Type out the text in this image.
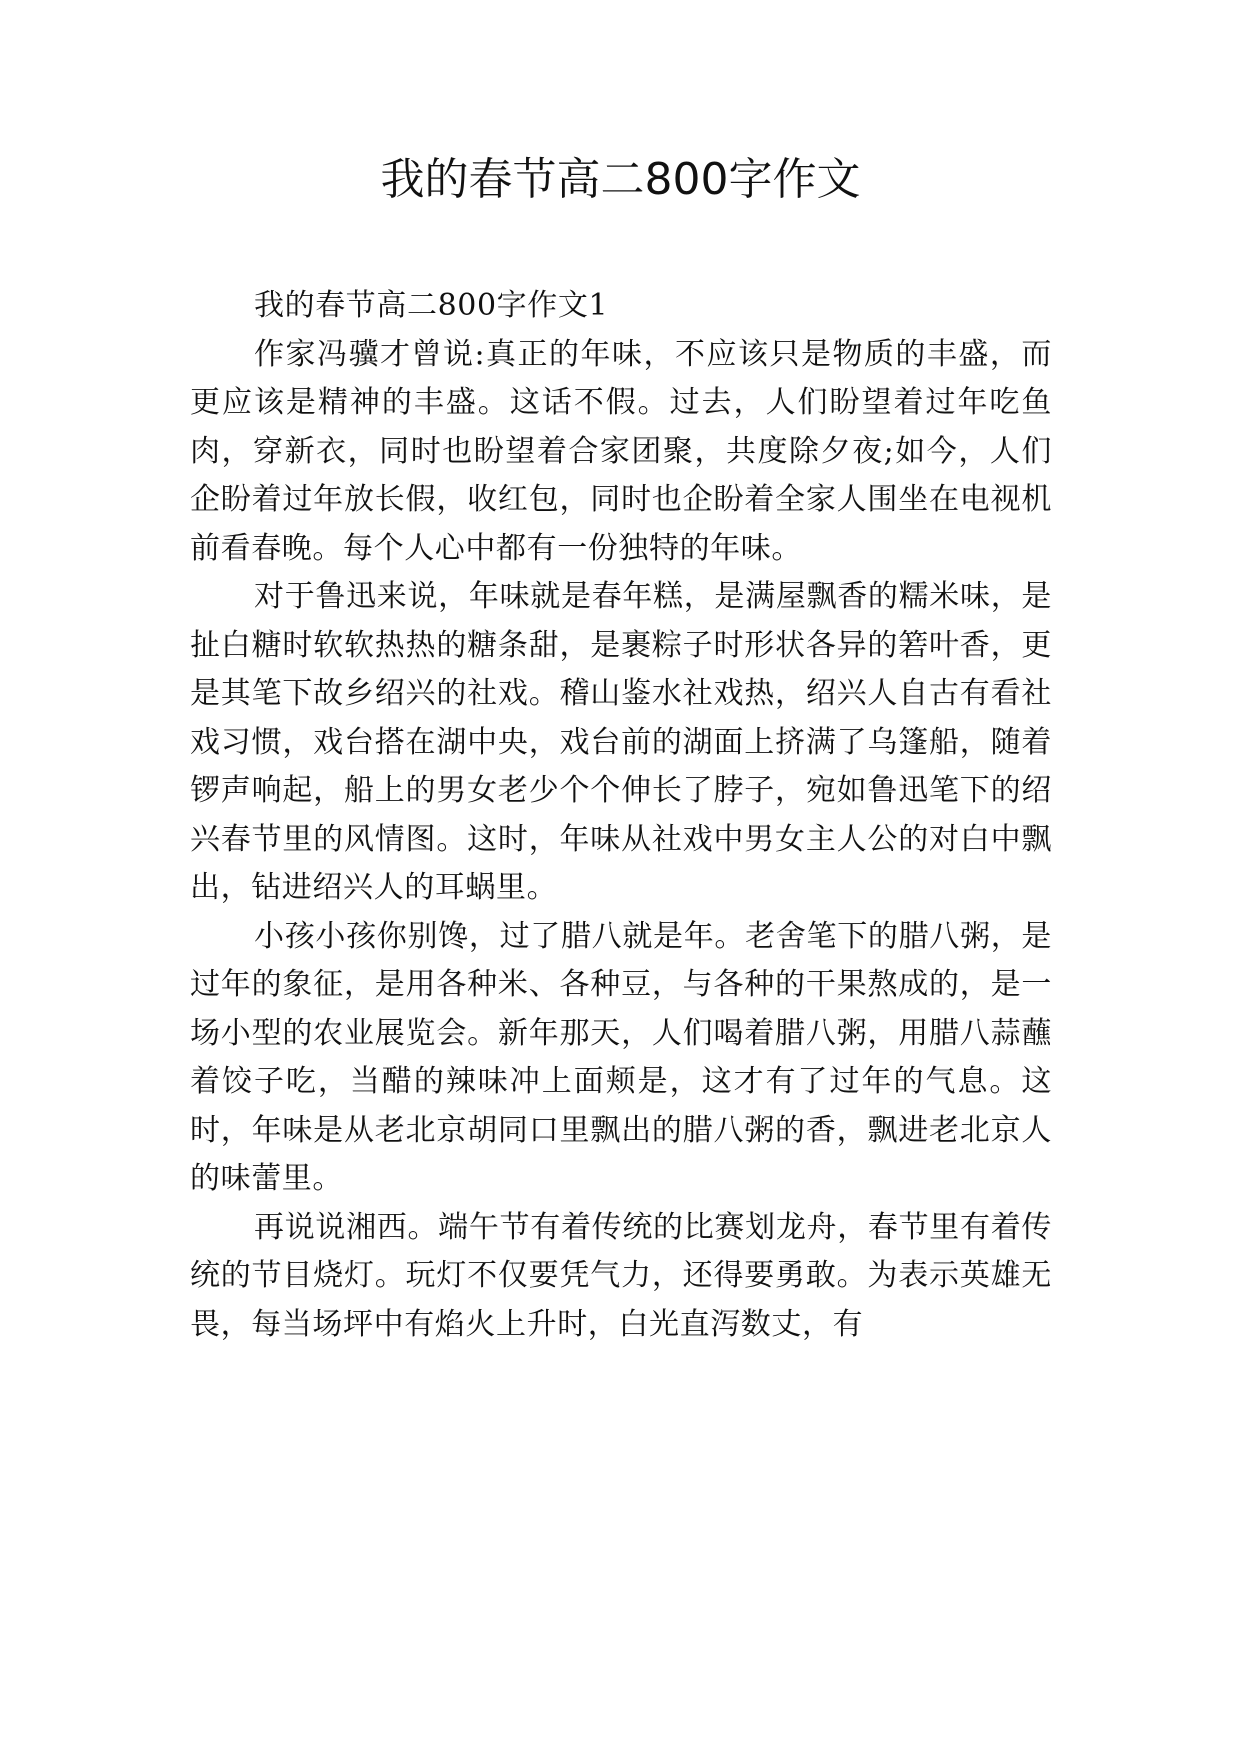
我的春节高二800字作文

我的春节高二800字作文1

作家冯骥才曾说:真正的年味，不应该只是物质的丰盛，而更应该是精神的丰盛。这话不假。过去，人们盼望着过年吃鱼肉，穿新衣，同时也盼望着合家团聚，共度除夕夜;如今，人们企盼着过年放长假，收红包，同时也企盼着全家人围坐在电视机前看春晚。每个人心中都有一份独特的年味。

对于鲁迅来说，年味就是春年糕，是满屋飘香的糯米味，是扯白糖时软软热热的糖条甜，是裹粽子时形状各异的箬叶香，更是其笔下故乡绍兴的社戏。稽山鉴水社戏热，绍兴人自古有看社戏习惯，戏台搭在湖中央，戏台前的湖面上挤满了乌篷船，随着锣声响起，船上的男女老少个个伸长了脖子，宛如鲁迅笔下的绍兴春节里的风情图。这时，年味从社戏中男女主人公的对白中飘出，钻进绍兴人的耳蜗里。

小孩小孩你别馋，过了腊八就是年。老舍笔下的腊八粥，是过年的象征，是用各种米、各种豆，与各种的干果熬成的，是一场小型的农业展览会。新年那天，人们喝着腊八粥，用腊八蒜蘸着饺子吃，当醋的辣味冲上面颊是，这才有了过年的气息。这时，年味是从老北京胡同口里飘出的腊八粥的香，飘进老北京人的味蕾里。

再说说湘西。端午节有着传统的比赛划龙舟，春节里有着传统的节目烧灯。玩灯不仅要凭气力，还得要勇敢。为表示英雄无畏，每当场坪中有焰火上升时，白光直泻数丈，有
